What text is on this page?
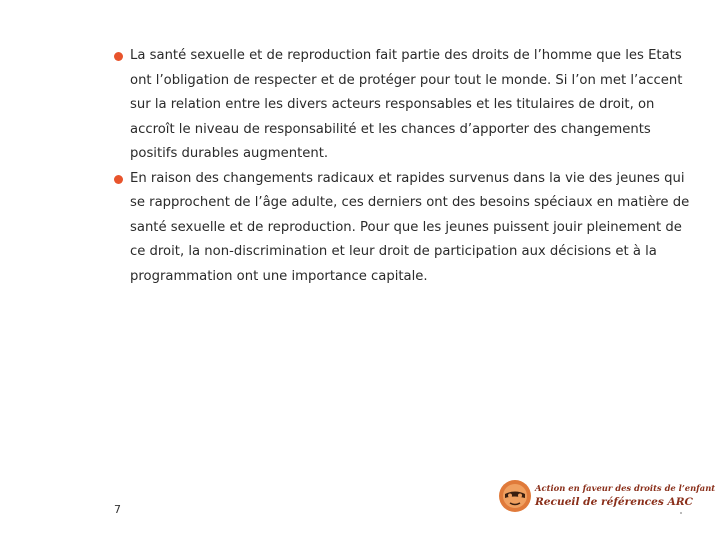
La santé sexuelle et de reproduction fait partie des droits de l’homme que les Etats ont l’obligation de respecter et de protéger pour tout le monde. Si l’on met l’accent sur la relation entre les divers acteurs responsables et les titulaires de droit, on accroît le niveau de responsabilité et les chances d’apporter des changements positifs durables augmentent.
En raison des changements radicaux et rapides survenus dans la vie des jeunes qui se rapprochent de l’âge adulte, ces derniers ont des besoins spéciaux en matière de santé sexuelle et de reproduction. Pour que les jeunes puissent jouir pleinement de ce droit, la non-discrimination et leur droit de participation aux décisions et à la programmation ont une importance capitale.
7
Action en faveur des droits de l’enfant
Recueil de références ARC
